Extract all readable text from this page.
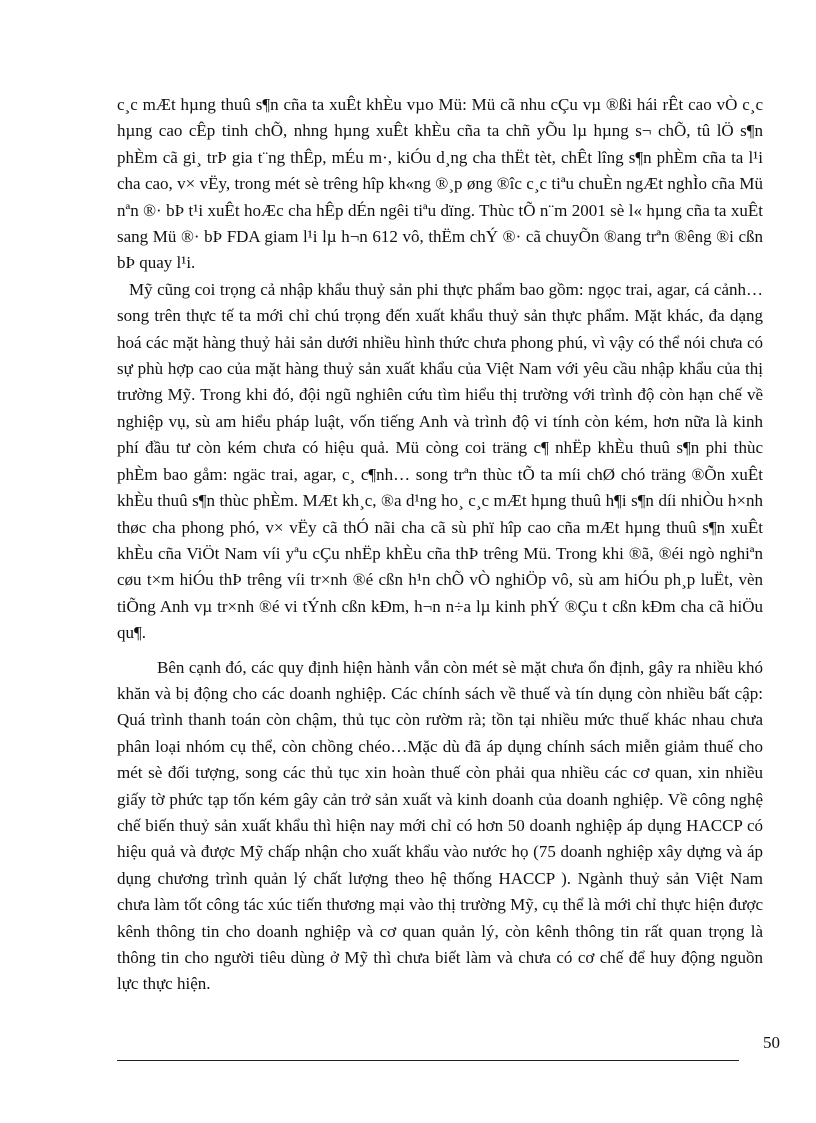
c¸c mÆt hµng thuû s¶n cña ta xuÊt khÈu vµo Mü: Mü cã nhu cÇu vµ ®ßi hái rÊt cao vÒ c¸c hµng cao cÊp tinh chÕ, nhng hµng xuÊt khÈu cña ta chñ yÕu lµ hµng s¬ chÕ, tû lÖ s¶n phÈm cã gi¸ trÞ gia t¨ng thÊp, mÉu m·, kiÓu d¸ng cha thËt tèt, chÊt lîng s¶n phÈm cña ta l¹i cha cao, v× vËy, trong mét sè trêng hîp kh«ng ®¸p øng ®îc c¸c tiªu chuÈn ngÆt nghÌo cña Mü nªn ®· bÞ t¹i xuÊt hoÆc cha hÊp dÉn ngêi tiªu dïng. Thùc tÕ n¨m 2001 sè l« hµng cña ta xuÊt sang Mü ®· bÞ FDA giam l¹i lµ h¬n 612 vô, thËm chÝ ®· cã chuyÕn ®ang trªn ®êng ®i cßn bÞ quay l¹i.

Mỹ cũng coi trọng cả nhập khẩu thuỷ sản phi thực phẩm bao gồm: ngọc trai, agar, cá cảnh… song trên thực tế ta mới chỉ chú trọng đến xuất khẩu thuỷ sản thực phẩm. Mặt khác, đa dạng hoá các mặt hàng thuỷ hải sản dưới nhiều hình thức chưa phong phú, vì vậy có thể nói chưa có sự phù hợp cao của mặt hàng thuỷ sản xuất khẩu của Việt Nam với yêu cầu nhập khẩu của thị trường Mỹ. Trong khi đó, đội ngũ nghiên cứu tìm hiểu thị trường với trình độ còn hạn chế về nghiệp vụ, sù am hiểu pháp luật, vốn tiếng Anh và trình độ vi tính còn kém, hơn nữa là kinh phí đầu tư còn kém chưa có hiệu quả. Mü còng coi träng c¶ nhËp khÈu thuû s¶n phi thùc phÈm bao gåm: ngäc trai, agar, c¸ c¶nh… song trªn thùc tÕ ta míi chØ chó träng ®Õn xuÊt khÈu thuû s¶n thùc phÈm. MÆt kh¸c, ®a d¹ng ho¸ c¸c mÆt hµng thuû h¶i s¶n díi nhiÒu h×nh thøc cha phong phó, v× vËy cã thÓ nãi cha cã sù phï hîp cao cña mÆt hµng thuû s¶n xuÊt khÈu cña ViÖt Nam víi yªu cÇu nhËp khÈu cña thÞ trêng Mü. Trong khi ®ã, ®éi ngò nghiªn cøu t×m hiÓu thÞ trêng víi tr×nh ®é cßn h¹n chÕ vÒ nghiÖp vô, sù am hiÓu ph¸p luËt, vèn tiÕng Anh vµ tr×nh ®é vi tÝnh cßn kÐm, h¬n n÷a lµ kinh phÝ ®Çu t cßn kÐm cha cã hiÖu qu¶.

Bên cạnh đó, các quy định hiện hành vẫn còn mét sè mặt chưa ổn định, gây ra nhiều khó khăn và bị động cho các doanh nghiệp. Các chính sách về thuế và tín dụng còn nhiều bất cập: Quá trình thanh toán còn chậm, thủ tục còn rườm rà; tồn tại nhiều mức thuế khác nhau chưa phân loại nhóm cụ thể, còn chồng chéo…Mặc dù đã áp dụng chính sách miễn giảm thuế cho mét sè đối tượng, song các thủ tục xin hoàn thuế còn phải qua nhiều các cơ quan, xin nhiều giấy tờ phức tạp tốn kém gây cản trở sản xuất và kinh doanh của doanh nghiệp. Về công nghệ chế biến thuỷ sản xuất khẩu thì hiện nay mới chỉ có hơn 50 doanh nghiệp áp dụng HACCP có hiệu quả và được Mỹ chấp nhận cho xuất khẩu vào nước họ (75 doanh nghiệp xây dựng và áp dụng chương trình quản lý chất lượng theo hệ thống HACCP ). Ngành thuỷ sản Việt Nam chưa làm tốt công tác xúc tiến thương mại vào thị trường Mỹ, cụ thể là mới chỉ thực hiện được kênh thông tin cho doanh nghiệp và cơ quan quản lý, còn kênh thông tin rất quan trọng là thông tin cho người tiêu dùng ở Mỹ thì chưa biết làm và chưa có cơ chế để huy động nguồn lực thực hiện.

50
